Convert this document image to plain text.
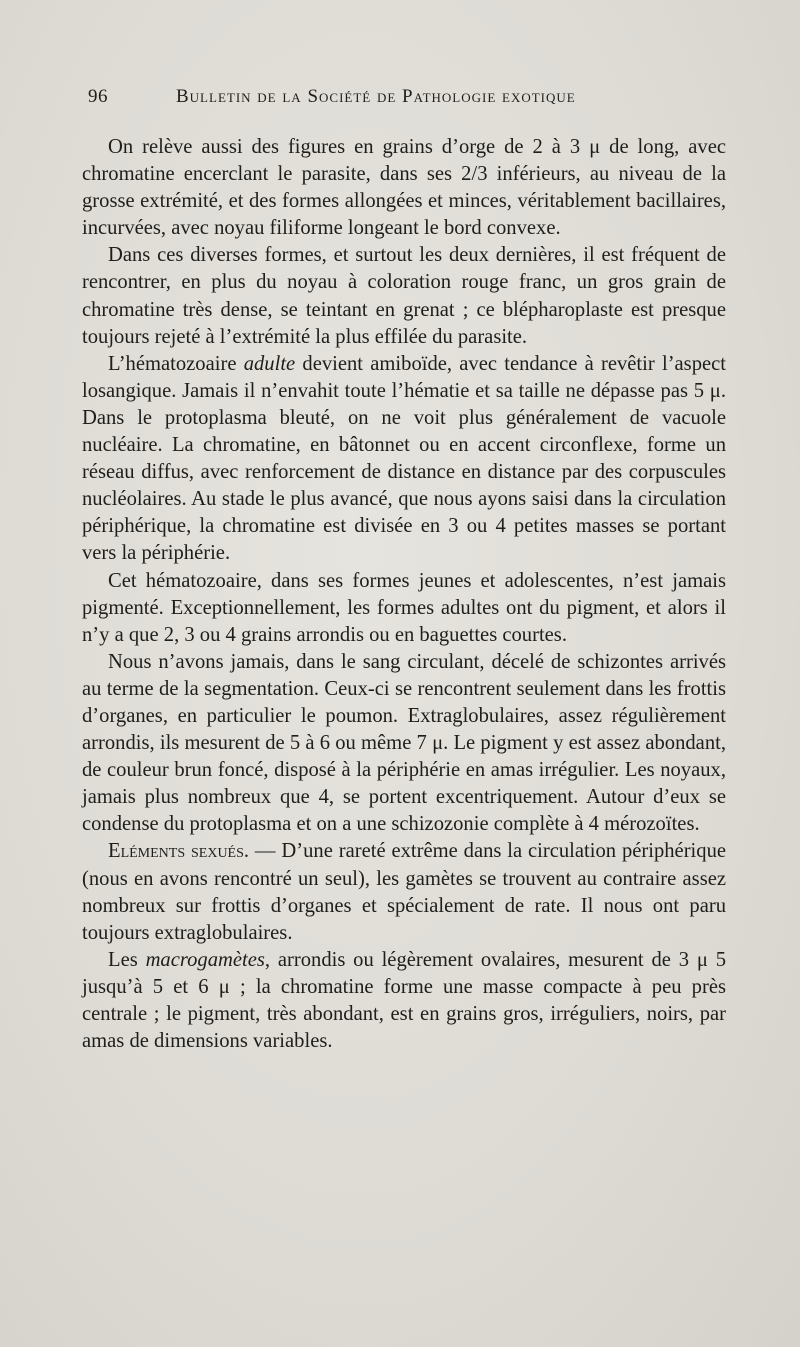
96	Bulletin de la Société de Pathologie exotique

On relève aussi des figures en grains d’orge de 2 à 3 μ de long, avec chromatine encerclant le parasite, dans ses 2/3 inférieurs, au niveau de la grosse extrémité, et des formes allongées et minces, véritablement bacillaires, incurvées, avec noyau filiforme longeant le bord convexe.

Dans ces diverses formes, et surtout les deux dernières, il est fréquent de rencontrer, en plus du noyau à coloration rouge franc, un gros grain de chromatine très dense, se teintant en grenat ; ce blépharoplaste est presque toujours rejeté à l’extrémité la plus effilée du parasite.

L’hématozoaire adulte devient amiboïde, avec tendance à revêtir l’aspect losangique. Jamais il n’envahit toute l’hématie et sa taille ne dépasse pas 5 μ. Dans le protoplasma bleuté, on ne voit plus généralement de vacuole nucléaire. La chromatine, en bâtonnet ou en accent circonflexe, forme un réseau diffus, avec renforcement de distance en distance par des corpuscules nucléolaires. Au stade le plus avancé, que nous ayons saisi dans la circulation périphérique, la chromatine est divisée en 3 ou 4 petites masses se portant vers la périphérie.

Cet hématozoaire, dans ses formes jeunes et adolescentes, n’est jamais pigmenté. Exceptionnellement, les formes adultes ont du pigment, et alors il n’y a que 2, 3 ou 4 grains arrondis ou en baguettes courtes.

Nous n’avons jamais, dans le sang circulant, décelé de schizontes arrivés au terme de la segmentation. Ceux-ci se rencontrent seulement dans les frottis d’organes, en particulier le poumon. Extraglobulaires, assez régulièrement arrondis, ils mesurent de 5 à 6 ou même 7 μ. Le pigment y est assez abondant, de couleur brun foncé, disposé à la périphérie en amas irrégulier. Les noyaux, jamais plus nombreux que 4, se portent excentriquement. Autour d’eux se condense du protoplasma et on a une schizozonie complète à 4 mérozoïtes.

Eléments sexués. — D’une rareté extrême dans la circulation périphérique (nous en avons rencontré un seul), les gamètes se trouvent au contraire assez nombreux sur frottis d’organes et spécialement de rate. Il nous ont paru toujours extraglobulaires.

Les macrogamètes, arrondis ou légèrement ovalaires, mesurent de 3 μ 5 jusqu’à 5 et 6 μ ; la chromatine forme une masse compacte à peu près centrale ; le pigment, très abondant, est en grains gros, irréguliers, noirs, par amas de dimensions variables.
